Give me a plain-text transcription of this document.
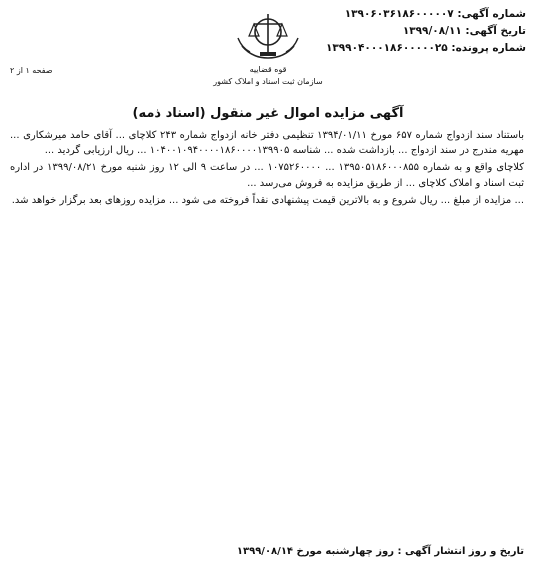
شماره آگهی: ۱۳۹۰۶۰۳۶۱۸۶۰۰۰۰۰۷
تاریخ آگهی: ۱۳۹۹/۰۸/۱۱
شماره پرونده: ۱۳۹۹۰۴۰۰۰۱۸۶۰۰۰۰۰۲۵
قوه قضاییه
سازمان ثبت اسناد و املاک کشور
صفحه ۱ از ۲
آگهی مزایده اموال غیر منقول (اسناد ذمه)

باستناد سند ازدواج شماره ۶۵۷ مورخ ۱۳۹۴/۰۱/۱۱ تنظیمی دفتر خانه ازدواج شماره ۲۴۳ کلاچای ... آقای حامد میرشکاری ... مهریه مندرج در سند ازدواج ... بازداشت شده ... شناسه ۱۰۴۰۰۱۰۹۴۰۰۰۰۱۸۶۰۰۰۰۱۳۹۹۰۵ ... ریال ارزیابی گردید ...

کلاچای واقع و به شماره ۱۳۹۵۰۵۱۸۶۰۰۰۸۵۵ ... ۱۰۷۵۲۶۰۰۰۰ ... در ساعت ۹ الی ۱۲ روز شنبه مورخ ۱۳۹۹/۰۸/۲۱ در اداره ثبت اسناد و املاک کلاچای ... از طریق مزایده به فروش می‌رسد ...

... مزایده از مبلغ ... ریال شروع و به بالاترین قیمت پیشنهادی نقداً فروخته می شود ... مزایده روزهای بعد برگزار خواهد شد.

تاریخ و روز انتشار آگهی : روز چهارشنبه مورخ ۱۳۹۹/۰۸/۱۴
